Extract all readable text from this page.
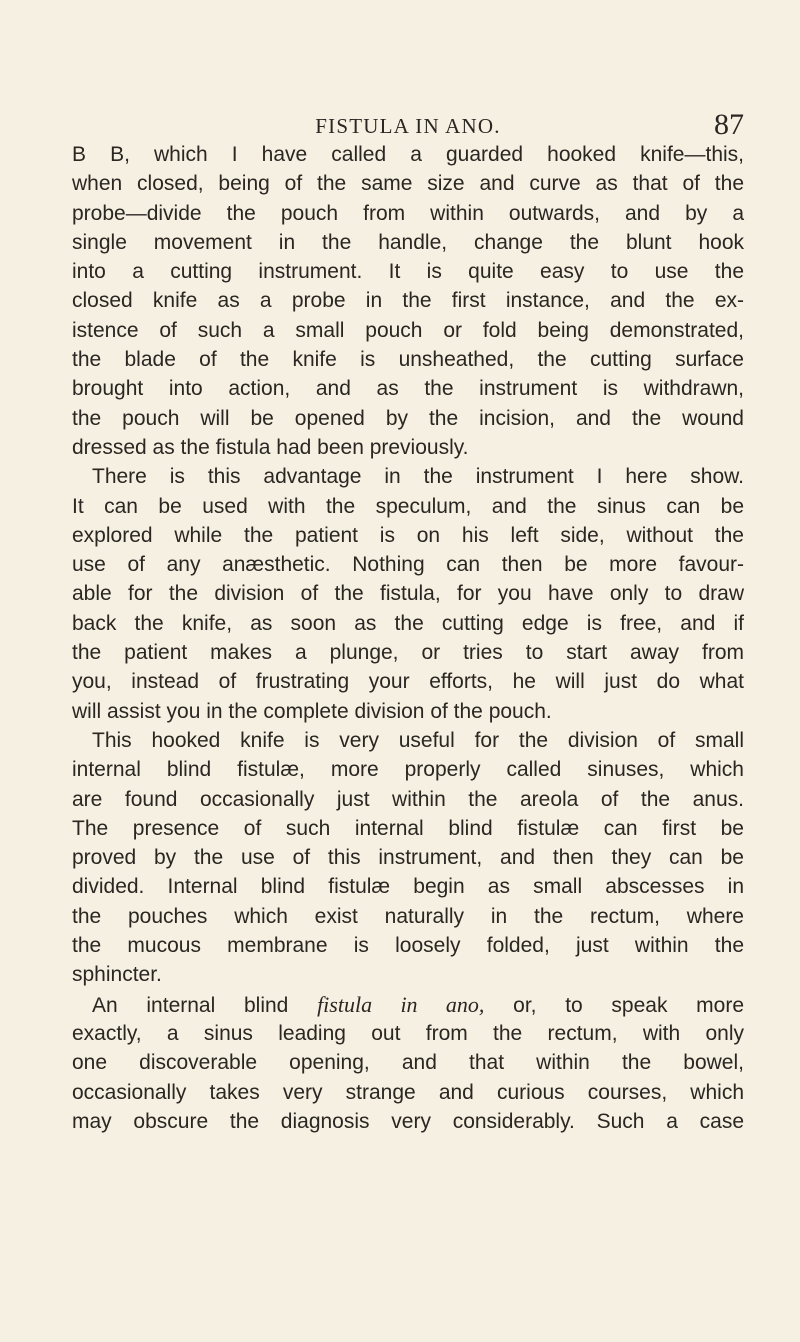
FISTULA IN ANO.	87
B B, which I have called a guarded hooked knife—this,
when closed, being of the same size and curve as that of the
probe—divide the pouch from within outwards, and by a
single movement in the handle, change the blunt hook
into a cutting instrument. It is quite easy to use the
closed knife as a probe in the first instance, and the ex-
istence of such a small pouch or fold being demonstrated,
the blade of the knife is unsheathed, the cutting surface
brought into action, and as the instrument is withdrawn,
the pouch will be opened by the incision, and the wound
dressed as the fistula had been previously.
There is this advantage in the instrument I here show.
It can be used with the speculum, and the sinus can be
explored while the patient is on his left side, without the
use of any anæsthetic. Nothing can then be more favour-
able for the division of the fistula, for you have only to draw
back the knife, as soon as the cutting edge is free, and if
the patient makes a plunge, or tries to start away from
you, instead of frustrating your efforts, he will just do what
will assist you in the complete division of the pouch.
This hooked knife is very useful for the division of small
internal blind fistulæ, more properly called sinuses, which
are found occasionally just within the areola of the anus.
The presence of such internal blind fistulæ can first be
proved by the use of this instrument, and then they can be
divided. Internal blind fistulæ begin as small abscesses in
the pouches which exist naturally in the rectum, where
the mucous membrane is loosely folded, just within the
sphincter.
An internal blind fistula in ano, or, to speak more
exactly, a sinus leading out from the rectum, with only
one discoverable opening, and that within the bowel,
occasionally takes very strange and curious courses, which
may obscure the diagnosis very considerably. Such a case
